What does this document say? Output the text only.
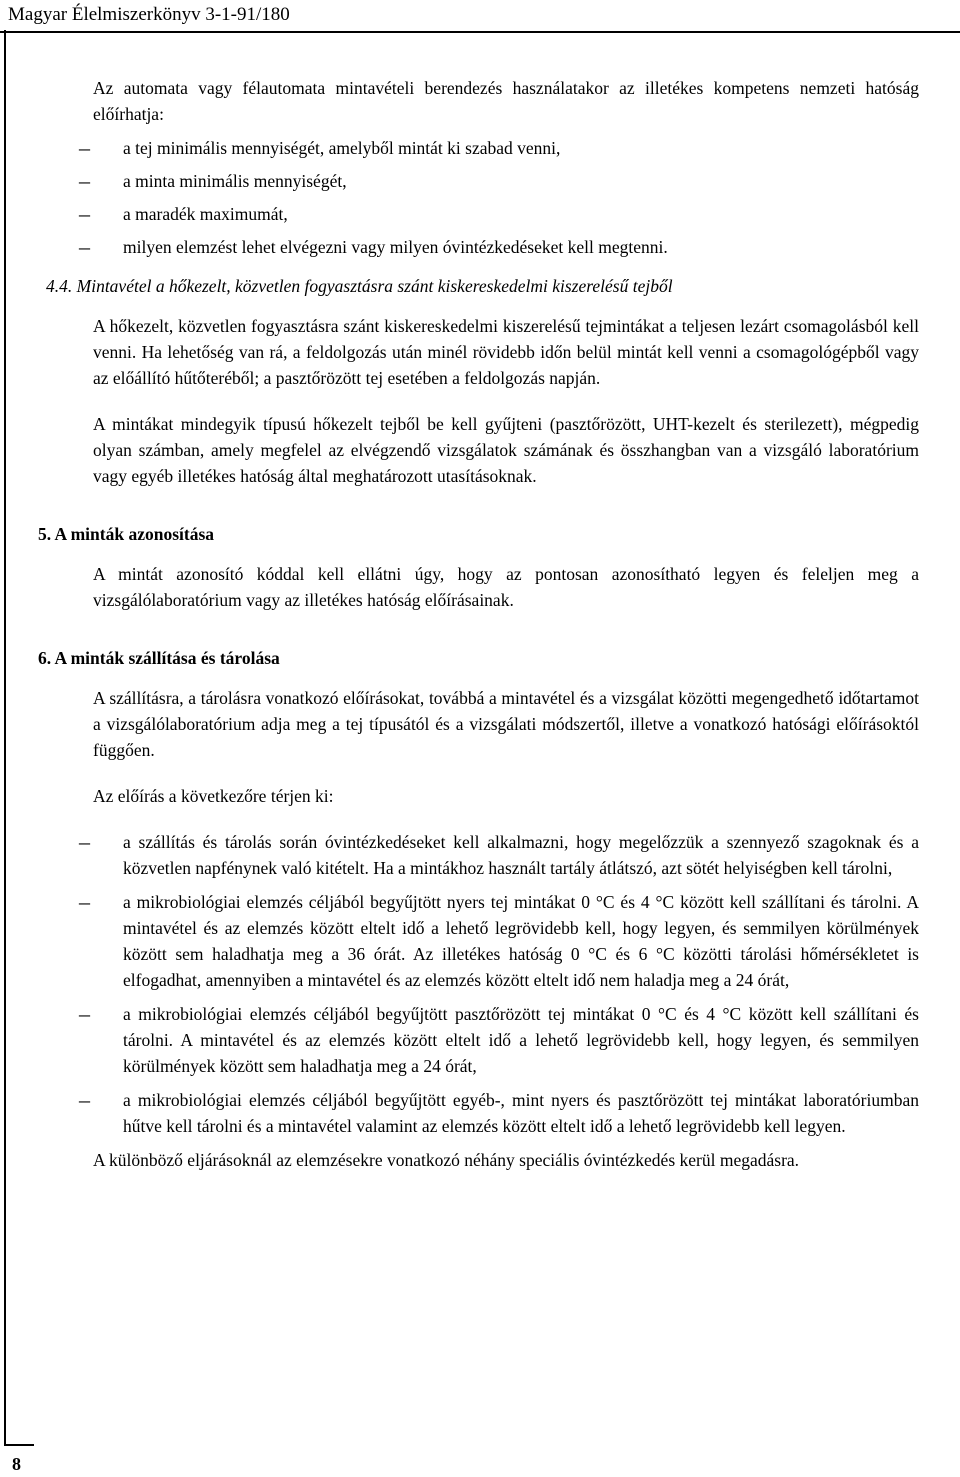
Magyar Élelmiszerkönyv 3-1-91/180
8

Az automata vagy félautomata mintavételi berendezés használatakor az illetékes kompetens nemzeti hatóság előírhatja:

– a tej minimális mennyiségét, amelyből mintát ki szabad venni,
– a minta minimális mennyiségét,
– a maradék maximumát,
– milyen elemzést lehet elvégezni vagy milyen óvintézkedéseket kell megtenni.

4.4. Mintavétel a hőkezelt, közvetlen fogyasztásra szánt kiskereskedelmi kiszerelésű tejből

A hőkezelt, közvetlen fogyasztásra szánt kiskereskedelmi kiszerelésű tejmintákat a teljesen lezárt csomagolásból kell venni. Ha lehetőség van rá, a feldolgozás után minél rövidebb időn belül mintát kell venni a csomagológépből vagy az előállító hűtőteréből; a pasztőrözött tej esetében a feldolgozás napján.

A mintákat mindegyik típusú hőkezelt tejből be kell gyűjteni (pasztőrözött, UHT-kezelt és sterilezett), mégpedig olyan számban, amely megfelel az elvégzendő vizsgálatok számának és összhangban van a vizsgáló laboratórium vagy egyéb illetékes hatóság által meghatározott utasításoknak.

5. A minták azonosítása

A mintát azonosító kóddal kell ellátni úgy, hogy az pontosan azonosítható legyen és feleljen meg a vizsgálólaboratórium vagy az illetékes hatóság előírásainak.

6. A minták szállítása és tárolása

A szállításra, a tárolásra vonatkozó előírásokat, továbbá a mintavétel és a vizsgálat közötti megengedhető időtartamot a vizsgálólaboratórium adja meg a tej típusától és a vizsgálati módszertől, illetve a vonatkozó hatósági előírásoktól függően.

Az előírás a következőre térjen ki:

– a szállítás és tárolás során óvintézkedéseket kell alkalmazni, hogy megelőzzük a szennyező szagoknak és a közvetlen napfénynek való kitételt. Ha a mintákhoz használt tartály átlátszó, azt sötét helyiségben kell tárolni,
– a mikrobiológiai elemzés céljából begyűjtött nyers tej mintákat 0 °C és 4 °C között kell szállítani és tárolni. A mintavétel és az elemzés között eltelt idő a lehető legrövidebb kell, hogy legyen, és semmilyen körülmények között sem haladhatja meg a 36 órát. Az illetékes hatóság 0 °C és 6 °C közötti tárolási hőmérsékletet is elfogadhat, amennyiben a mintavétel és az elemzés között eltelt idő nem haladja meg a 24 órát,
– a mikrobiológiai elemzés céljából begyűjtött pasztőrözött tej mintákat 0 °C és 4 °C között kell szállítani és tárolni. A mintavétel és az elemzés között eltelt idő a lehető legrövidebb kell, hogy legyen, és semmilyen körülmények között sem haladhatja meg a 24 órát,
– a mikrobiológiai elemzés céljából begyűjtött egyéb-, mint nyers és pasztőrözött tej mintákat laboratóriumban hűtve kell tárolni és a mintavétel valamint az elemzés között eltelt idő a lehető legrövidebb kell legyen.

A különböző eljárásoknál az elemzésekre vonatkozó néhány speciális óvintézkedés kerül megadásra.
